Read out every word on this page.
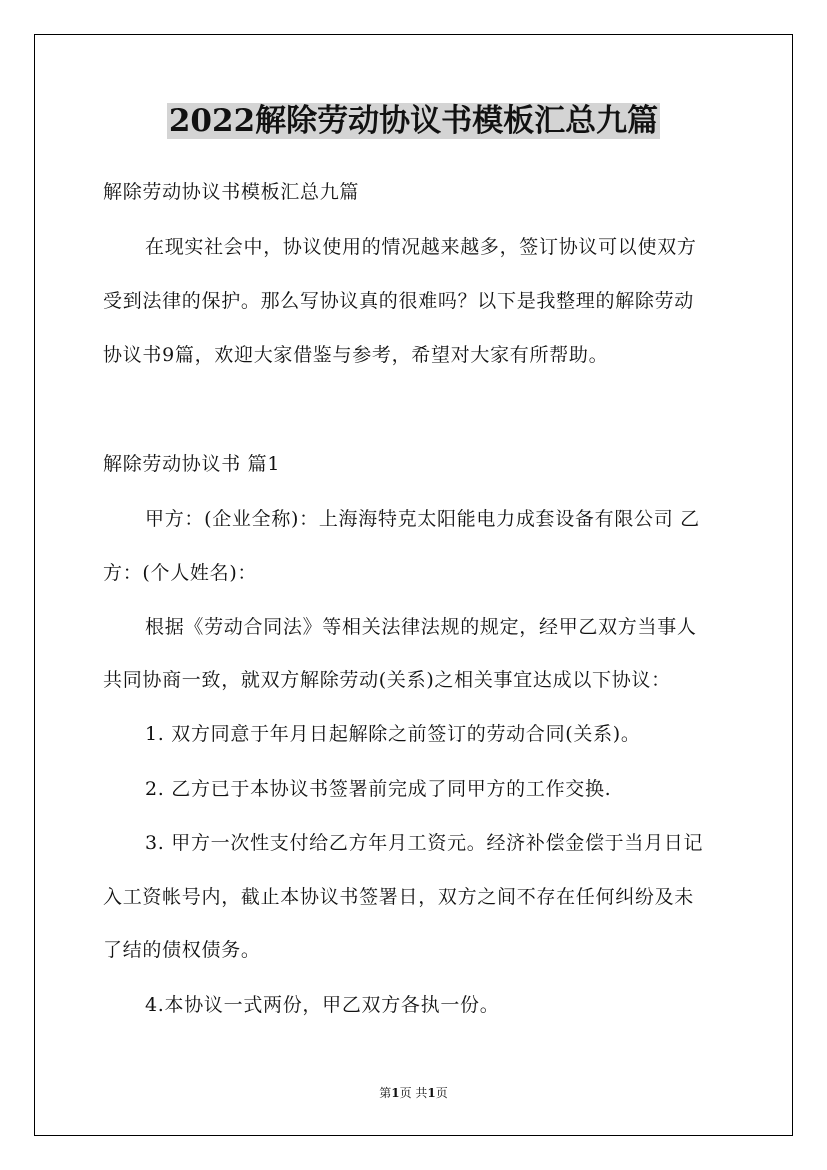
2022解除劳动协议书模板汇总九篇

解除劳动协议书模板汇总九篇

在现实社会中，协议使用的情况越来越多，签订协议可以使双方

受到法律的保护。那么写协议真的很难吗？以下是我整理的解除劳动

协议书9篇，欢迎大家借鉴与参考，希望对大家有所帮助。

解除劳动协议书 篇1

甲方：(企业全称)：上海海特克太阳能电力成套设备有限公司 乙

方：(个人姓名)：

根据《劳动合同法》等相关法律法规的规定，经甲乙双方当事人

共同协商一致，就双方解除劳动(关系)之相关事宜达成以下协议：

1. 双方同意于年月日起解除之前签订的劳动合同(关系)。

2. 乙方已于本协议书签署前完成了同甲方的工作交换.

3. 甲方一次性支付给乙方年月工资元。经济补偿金偿于当月日记

入工资帐号内，截止本协议书签署日，双方之间不存在任何纠纷及未

了结的债权债务。

4.本协议一式两份，甲乙双方各执一份。

第1页 共1页
